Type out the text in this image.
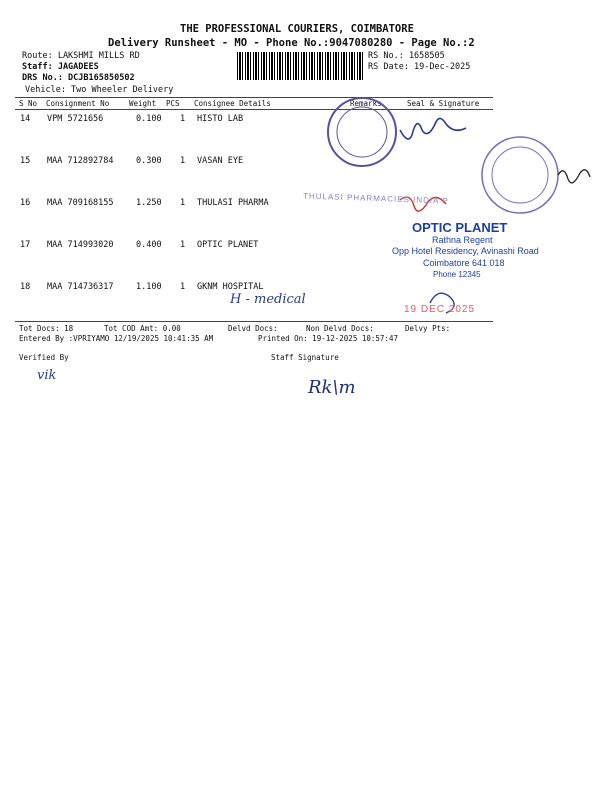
THE PROFESSIONAL COURIERS, COIMBATORE
Delivery Runsheet - MO - Phone No.:9047080280 - Page No.:2
Route: LAKSHMI MILLS RD
Staff: JAGADEES
DRS No.: DCJB165850502
Vehicle: Two Wheeler Delivery
RS No.: 1658505
RS Date: 19-Dec-2025
S No Consignment No	Weight PCS Consignee Details	Remarks	Seal & Signature
14 VPM 5721656	0.100 1 HISTO LAB
15 MAA 712892784	0.300 1 VASAN EYE
16 MAA 709168155	1.250 1 THULASI PHARMA
17 MAA 714993020	0.400 1 OPTIC PLANET
18 MAA 714736317	1.100 1 GKNM HOSPITAL
THULASI PHARMACIES INDIA P
OPTIC PLANET
Rathna Regent
Opp Hotel Residency, Avinashi Road
Coimbatore 641 018
Phone 12345
19 DEC 2025
H - medical
Tot Docs: 18	Tot COD Amt: 0.00	Delvd Docs:	Non Delvd Docs:	Delvy Pts:
Entered By :VPRIYAMO 12/19/2025 10:41:35 AM	Printed On: 19-12-2025 10:57:47
Verified By	Staff Signature
vik
Rk\m
